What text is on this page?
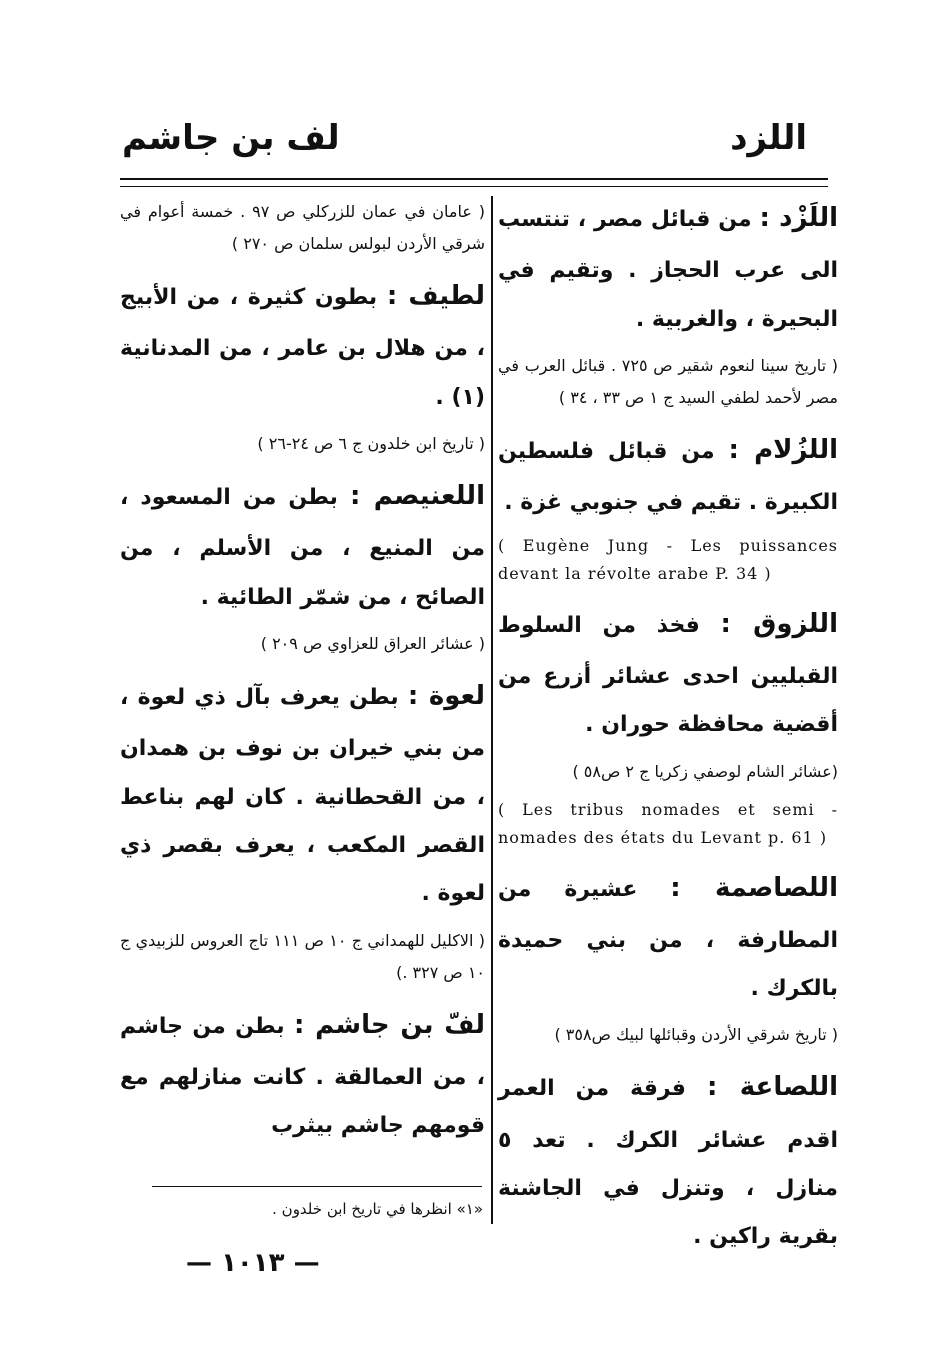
اللزد
لف بن جاشم

اللَزْد : من قبائل مصر ، تنتسب الى عرب الحجاز . وتقيم في البحيرة ، والغربية .

( تاريخ سينا لنعوم شقير ص ٧٢٥ . قبائل العرب في مصر لأحمد لطفي السيد ج ١ ص ٣٣ ، ٣٤ )

اللزُلام : من قبائل فلسطين الكبيرة . تقيم في جنوبي غزة .

( Eugène Jung - Les puissances devant la révolte arabe P. 34 )

اللزوق : فخذ من السلوط القبليين احدى عشائر أزرع من أقضية محافظة حوران .

(عشائر الشام لوصفي زكريا ج ٢ ص٥٨ )

( Les tribus nomades et semi - nomades des états du Levant p. 61 )

اللصاصمة : عشيرة من المطارفة ، من بني حميدة بالكرك .

( تاريخ شرقي الأردن وقبائلها لبيك ص٣٥٨ )

اللصاعة : فرقة من العمر اقدم عشائر الكرك . تعد ٥ منازل ، وتنزل في الجاشنة بقرية راكين .

( عامان في عمان للزركلي ص ٩٧ . خمسة أعوام في شرقي الأردن لبولس سلمان ص ٢٧٠ )

لطيف : بطون كثيرة ، من الأبيج ، من هلال بن عامر ، من المدنانية (١) .

( تاريخ ابن خلدون ج ٦ ص ٢٤-٢٦ )

اللعنيصم : بطن من المسعود ، من المنيع ، من الأسلم ، من الصائح ، من شمّر الطائية .

( عشائر العراق للعزاوي ص ٢٠٩ )

لعوة : بطن يعرف بآل ذي لعوة ، من بني خيران بن نوف بن همدان ، من القحطانية . كان لهم بناعط القصر المكعب ، يعرف بقصر ذي لعوة .

( الاكليل للهمداني ج ١٠ ص ١١١ تاج العروس للزبيدي ج ١٠ ص ٣٢٧ .)

لفّ بن جاشم : بطن من جاشم ، من العمالقة . كانت منازلهم مع قومهم جاشم بيثرب

«١» انظرها في تاريخ ابن خلدون .
— ١٠١٣ —
